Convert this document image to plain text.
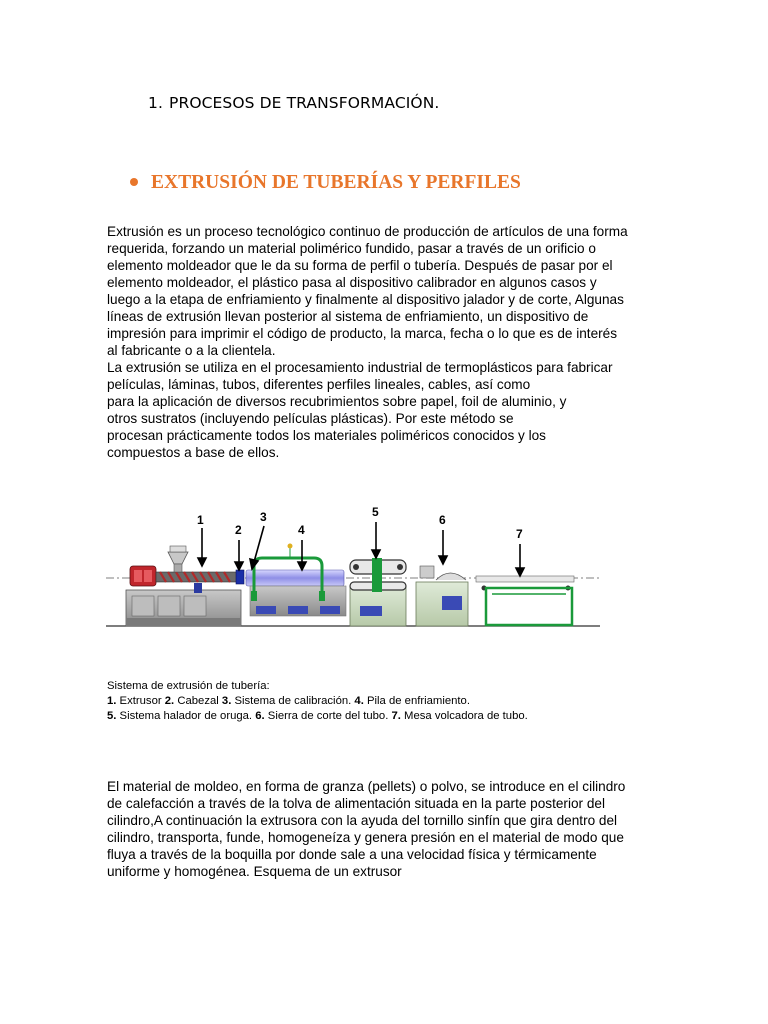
1. PROCESOS DE TRANSFORMACIÓN.
EXTRUSIÓN DE TUBERÍAS Y PERFILES
Extrusión es un proceso tecnológico continuo de producción de artículos de una forma
requerida, forzando un material polimérico fundido, pasar a través de un orificio o
elemento moldeador que le da su forma de perfil o tubería. Después de pasar por el
elemento moldeador, el plástico pasa al dispositivo calibrador en algunos casos y
luego a la etapa de enfriamiento y finalmente al dispositivo jalador y de corte, Algunas
líneas de extrusión llevan posterior al sistema de enfriamiento, un dispositivo de
impresión para imprimir el código de producto, la marca, fecha o lo que es de interés
al fabricante o a la clientela.
La extrusión se utiliza en el procesamiento industrial de termoplásticos para fabricar
películas, láminas, tubos, diferentes perfiles lineales, cables, así como
para la aplicación de diversos recubrimientos sobre papel, foil de aluminio, y
otros sustratos (incluyendo películas plásticas). Por este método se
procesan prácticamente todos los materiales poliméricos conocidos y los
compuestos a base de ellos.
1
2
3
4
5
6
7
Sistema de extrusión de tubería:
1. Extrusor 2. Cabezal 3. Sistema de calibración. 4. Pila de enfriamiento.
5. Sistema halador de oruga. 6. Sierra de corte del tubo. 7. Mesa volcadora de tubo.
El material de moldeo, en forma de granza (pellets) o polvo, se introduce en el cilindro
de calefacción a través de la tolva de alimentación situada en la parte posterior del
cilindro,A continuación la extrusora con la ayuda del tornillo sinfín que gira dentro del
cilindro, transporta, funde, homogeneíza y genera presión en el material de modo que
fluya a través de la boquilla por donde sale a una velocidad física y térmicamente
uniforme y homogénea. Esquema de un extrusor
